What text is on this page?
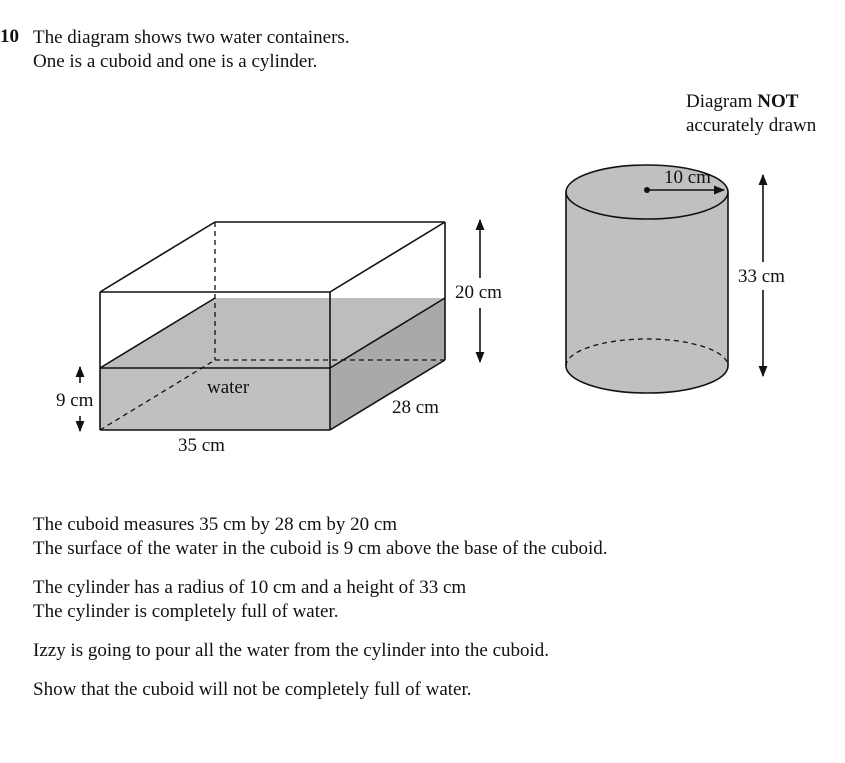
10 The diagram shows two water containers.
One is a cuboid and one is a cylinder.
Diagram NOT
accurately drawn
20 cm
9 cm
water
28 cm
35 cm
10 cm
33 cm

The cuboid measures 35 cm by 28 cm by 20 cm

The surface of the water in the cuboid is 9 cm above the base of the cuboid.

The cylinder has a radius of 10 cm and a height of 33 cm

The cylinder is completely full of water.

Izzy is going to pour all the water from the cylinder into the cuboid.

Show that the cuboid will not be completely full of water.
